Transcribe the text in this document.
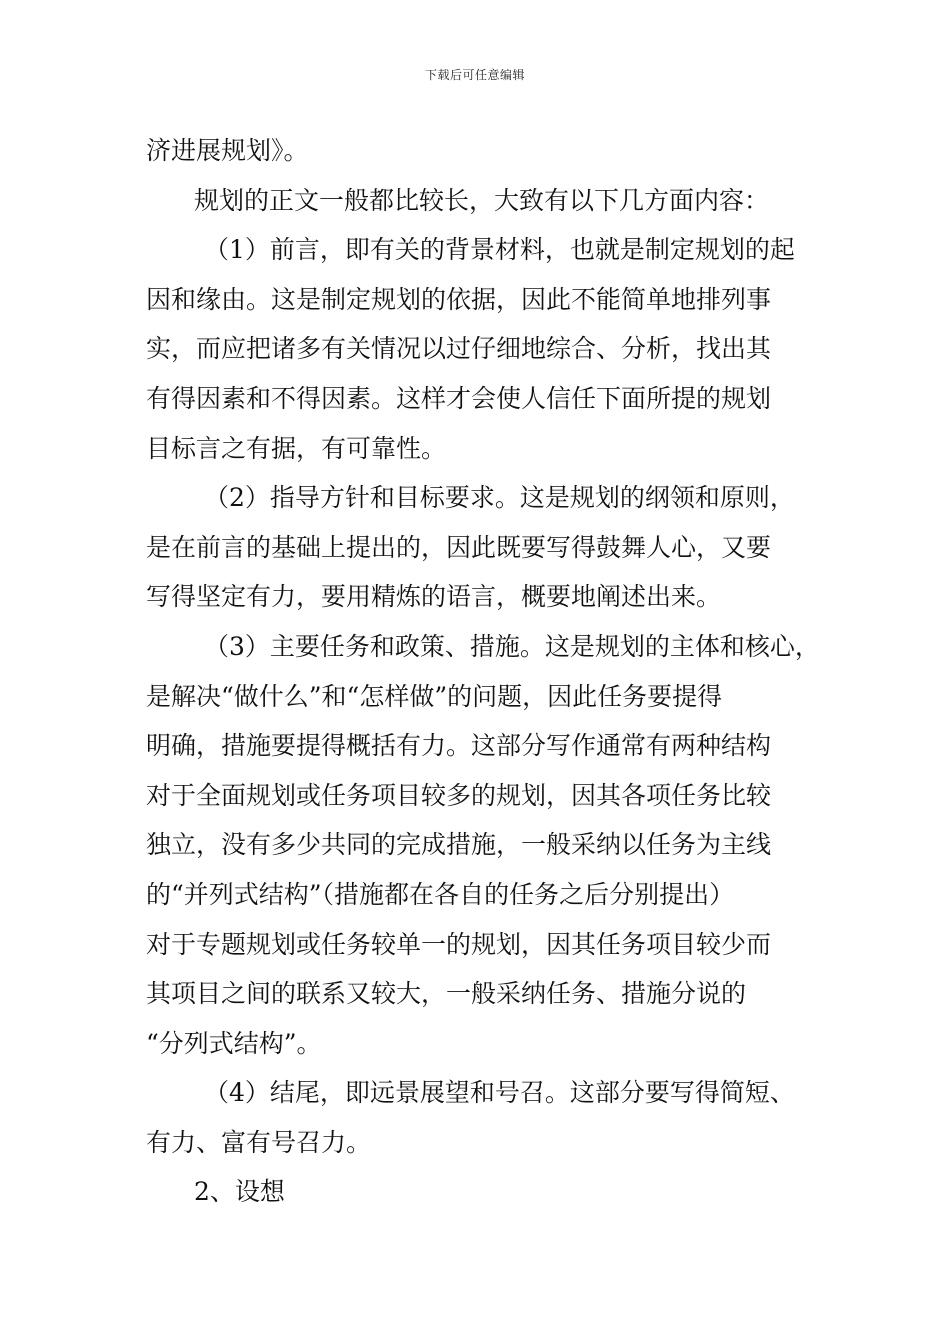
下载后可任意编辑
济进展规划》。
规划的正文一般都比较长，大致有以下几方面内容：
（1）前言，即有关的背景材料，也就是制定规划的起
因和缘由。这是制定规划的依据，因此不能简单地排列事
实，而应把诸多有关情况以过仔细地综合、分析，找出其
有得因素和不得因素。这样才会使人信任下面所提的规划
目标言之有据，有可靠性。
（2）指导方针和目标要求。这是规划的纲领和原则，
是在前言的基础上提出的，因此既要写得鼓舞人心，又要
写得坚定有力，要用精炼的语言，概要地阐述出来。
（3）主要任务和政策、措施。这是规划的主体和核心，
是解决“做什么”和“怎样做”的问题，因此任务要提得
明确，措施要提得概括有力。这部分写作通常有两种结构
对于全面规划或任务项目较多的规划，因其各项任务比较
独立，没有多少共同的完成措施，一般采纳以任务为主线
的“并列式结构”（措施都在各自的任务之后分别提出）
对于专题规划或任务较单一的规划，因其任务项目较少而
其项目之间的联系又较大，一般采纳任务、措施分说的
“分列式结构”。
（4）结尾，即远景展望和号召。这部分要写得简短、
有力、富有号召力。
2、设想
